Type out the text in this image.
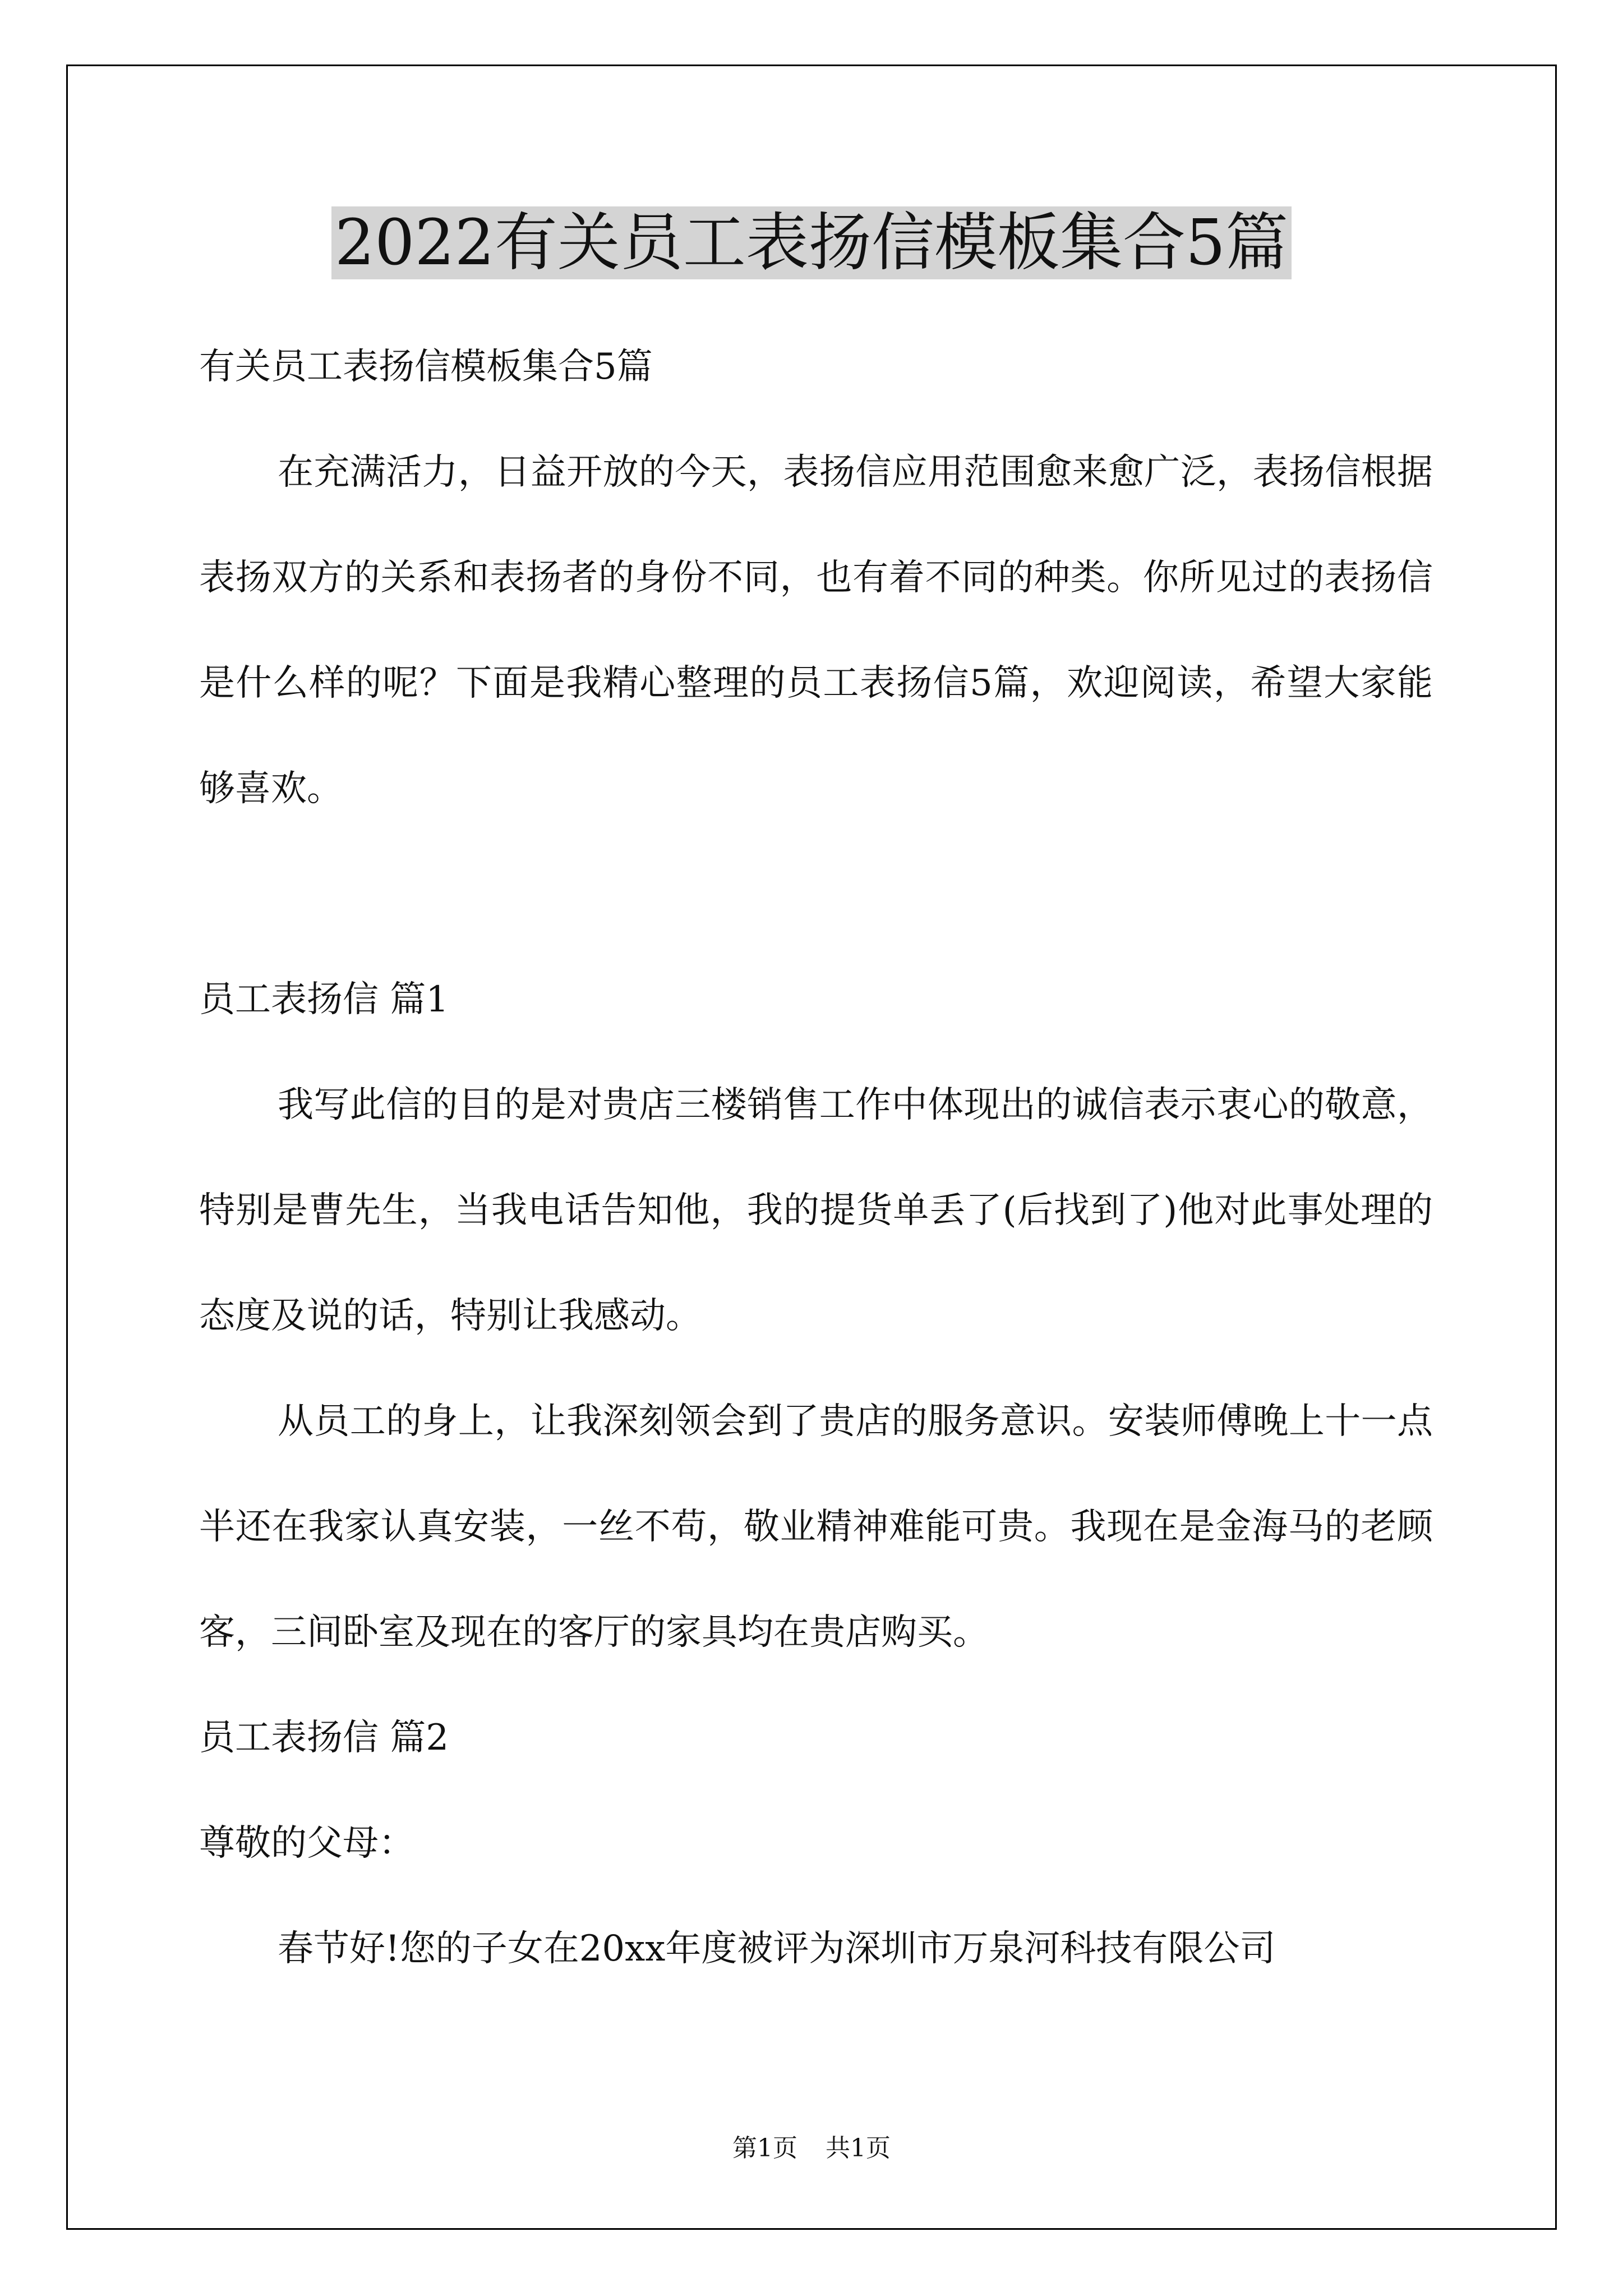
2022有关员工表扬信模板集合5篇

有关员工表扬信模板集合5篇

在充满活力，日益开放的今天，表扬信应用范围愈来愈广泛，表扬信根据表扬双方的关系和表扬者的身份不同，也有着不同的种类。你所见过的表扬信是什么样的呢？下面是我精心整理的员工表扬信5篇，欢迎阅读，希望大家能够喜欢。

员工表扬信 篇1

我写此信的目的是对贵店三楼销售工作中体现出的诚信表示衷心的敬意，特别是曹先生，当我电话告知他，我的提货单丢了(后找到了)他对此事处理的态度及说的话，特别让我感动。

从员工的身上，让我深刻领会到了贵店的服务意识。安装师傅晚上十一点半还在我家认真安装，一丝不苟，敬业精神难能可贵。我现在是金海马的老顾客，三间卧室及现在的客厅的家具均在贵店购买。

员工表扬信 篇2

尊敬的父母：

春节好!您的子女在20xx年度被评为深圳市万泉河科技有限公司

第1页 共1页
